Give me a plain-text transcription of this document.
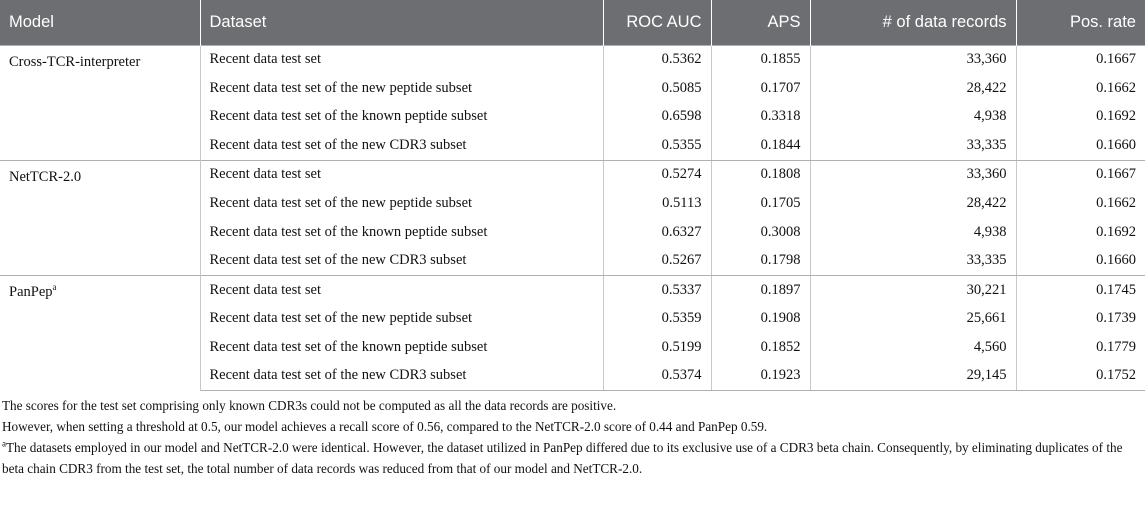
Model	Dataset	ROC AUC	APS	# of data records	Pos. rate
Cross-TCR-interpreter	Recent data test set	0.5362	0.1855	33,360	0.1667
	Recent data test set of the new peptide subset	0.5085	0.1707	28,422	0.1662
	Recent data test set of the known peptide subset	0.6598	0.3318	4,938	0.1692
	Recent data test set of the new CDR3 subset	0.5355	0.1844	33,335	0.1660
NetTCR-2.0	Recent data test set	0.5274	0.1808	33,360	0.1667
	Recent data test set of the new peptide subset	0.5113	0.1705	28,422	0.1662
	Recent data test set of the known peptide subset	0.6327	0.3008	4,938	0.1692
	Recent data test set of the new CDR3 subset	0.5267	0.1798	33,335	0.1660
PanPep$^a$	Recent data test set	0.5337	0.1897	30,221	0.1745
	Recent data test set of the new peptide subset	0.5359	0.1908	25,661	0.1739
	Recent data test set of the known peptide subset	0.5199	0.1852	4,560	0.1779
	Recent data test set of the new CDR3 subset	0.5374	0.1923	29,145	0.1752

The scores for the test set comprising only known CDR3s could not be computed as all the data records are positive.

However, when setting a threshold at 0.5, our model achieves a recall score of 0.56, compared to the NetTCR-2.0 score of 0.44 and PanPep 0.59.

$^a$The datasets employed in our model and NetTCR-2.0 were identical. However, the dataset utilized in PanPep differed due to its exclusive use of a CDR3 beta chain. Consequently, by eliminating duplicates of the beta chain CDR3 from the test set, the total number of data records was reduced from that of our model and NetTCR-2.0.
